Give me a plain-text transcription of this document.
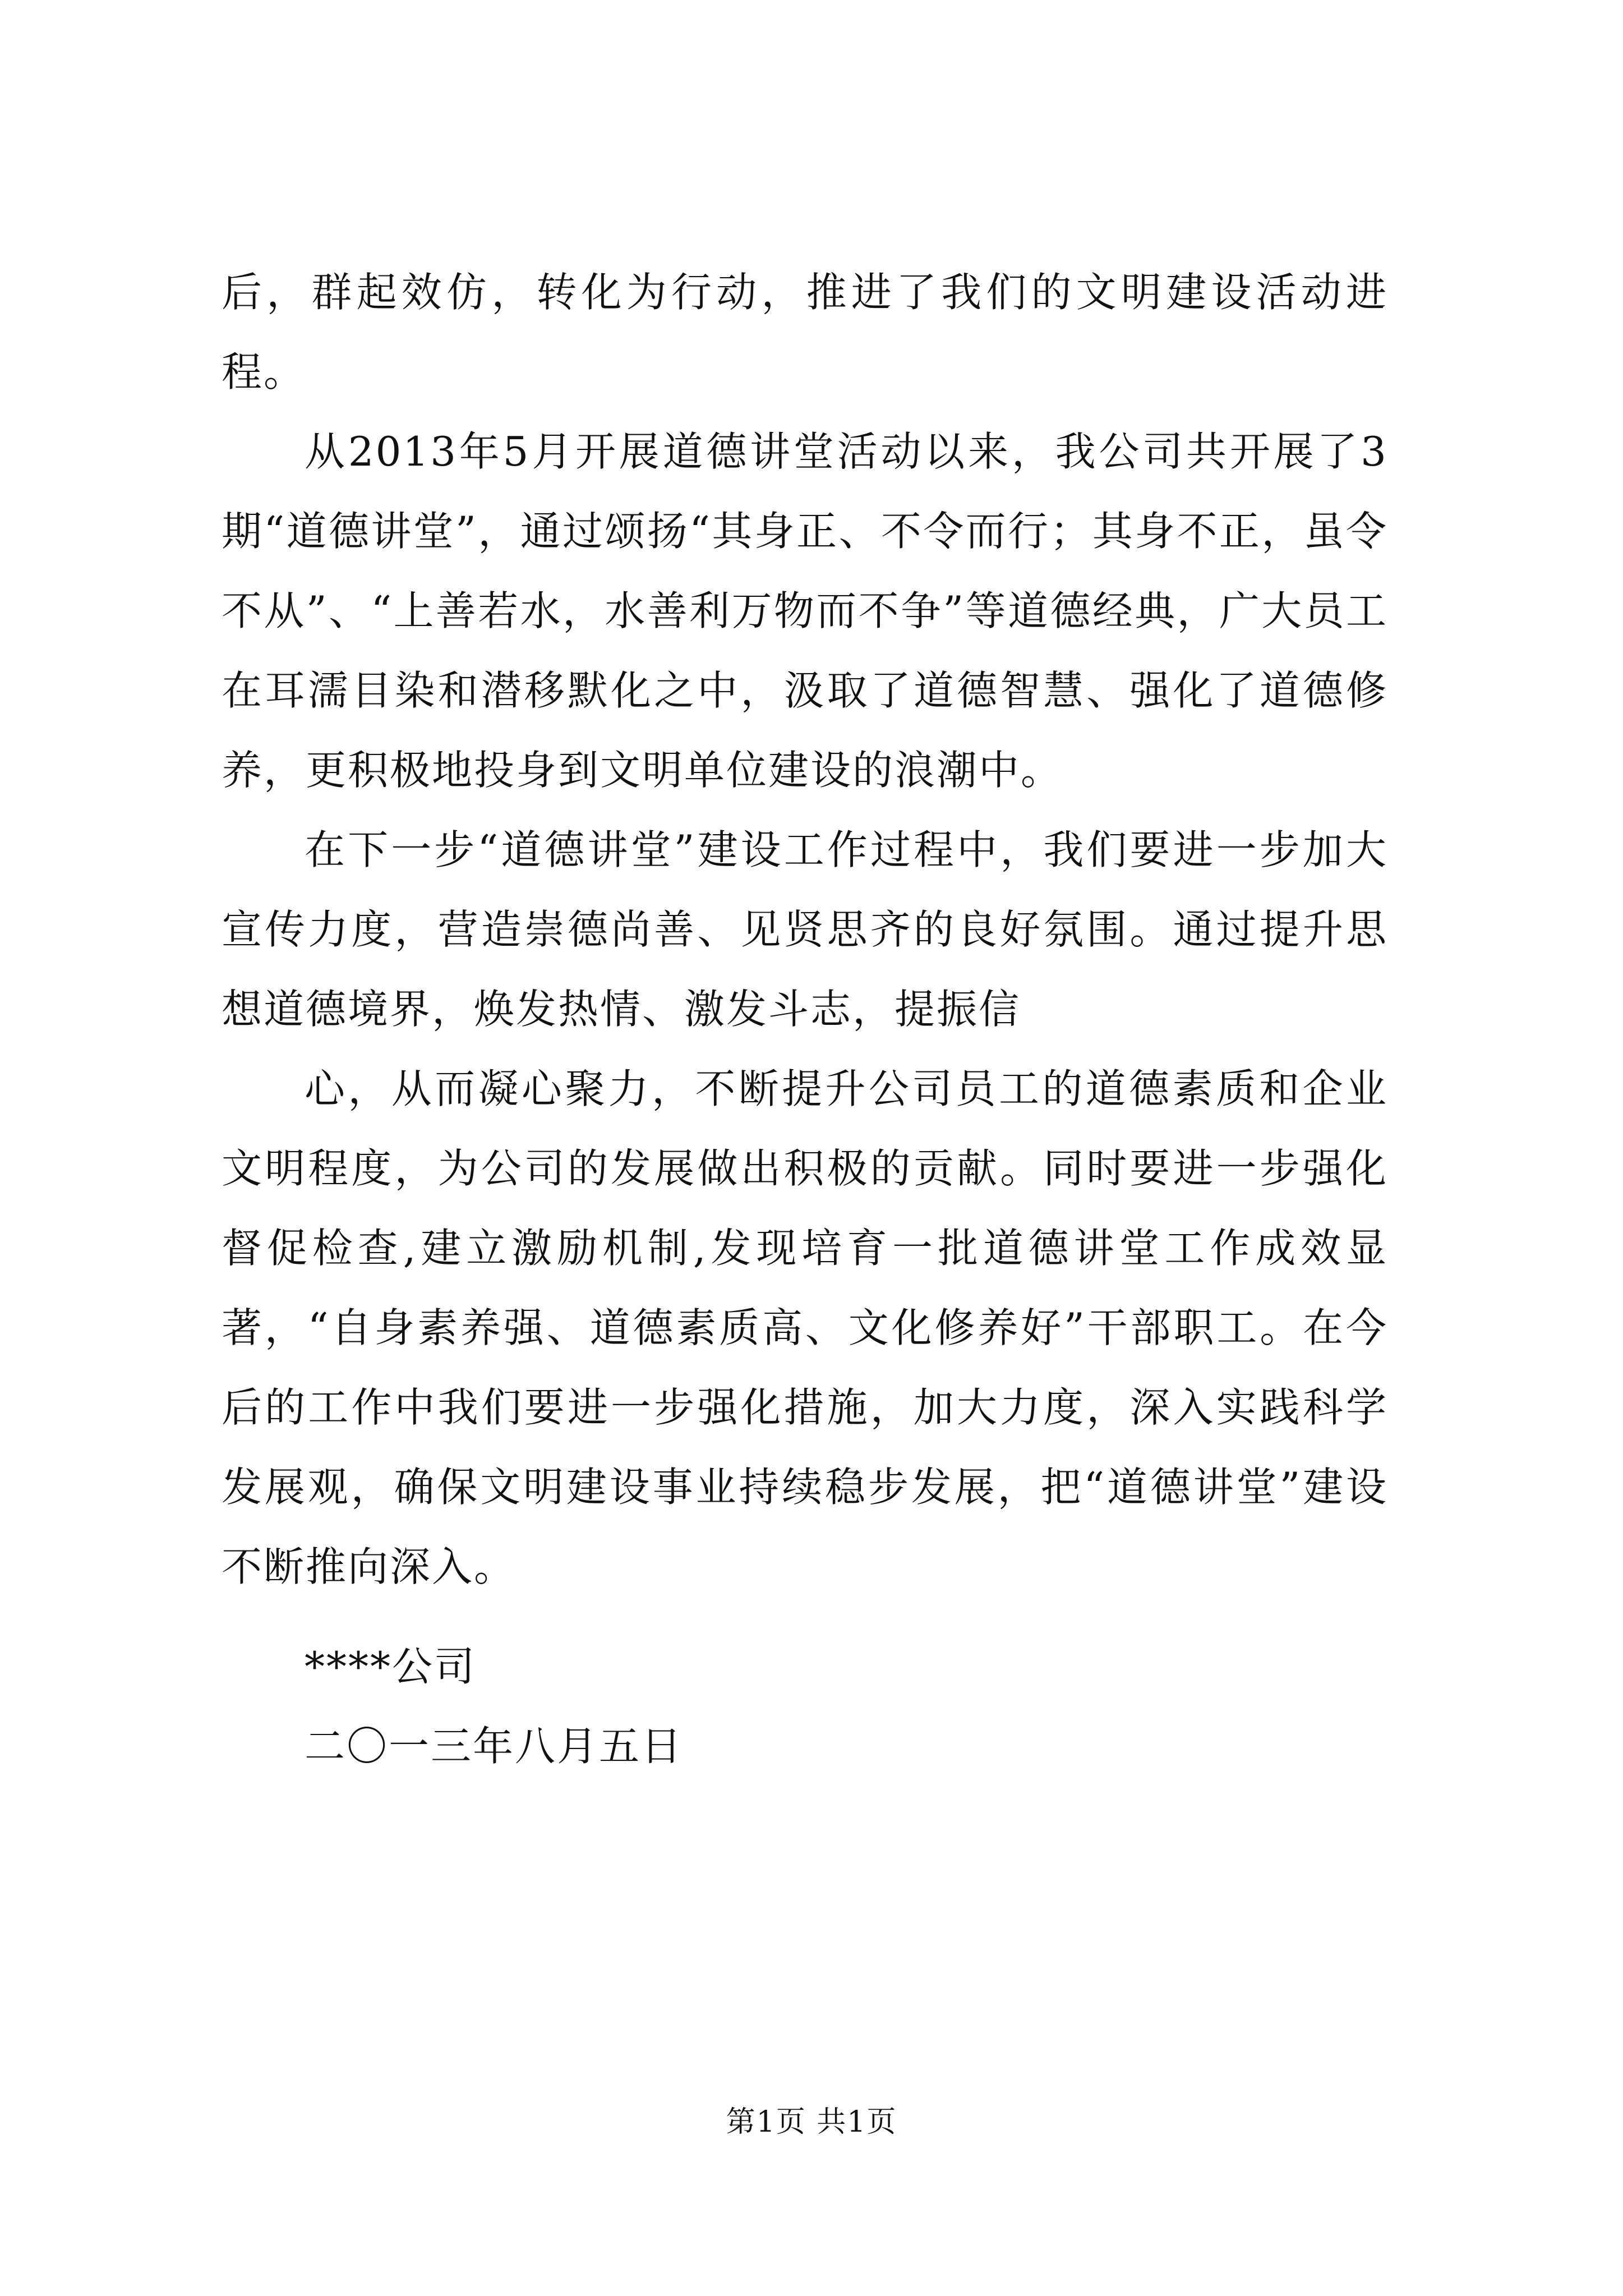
后，群起效仿，转化为行动，推进了我们的文明建设活动进程。

从2013年5月开展道德讲堂活动以来，我公司共开展了3期“道德讲堂”，通过颂扬“其身正、不令而行；其身不正，虽令不从”、“上善若水，水善利万物而不争”等道德经典，广大员工在耳濡目染和潜移默化之中，汲取了道德智慧、强化了道德修养，更积极地投身到文明单位建设的浪潮中。

在下一步“道德讲堂”建设工作过程中，我们要进一步加大宣传力度，营造崇德尚善、见贤思齐的良好氛围。通过提升思想道德境界，焕发热情、激发斗志，提振信

心，从而凝心聚力，不断提升公司员工的道德素质和企业文明程度，为公司的发展做出积极的贡献。同时要进一步强化督促检查,建立激励机制,发现培育一批道德讲堂工作成效显著，“自身素养强、道德素质高、文化修养好”干部职工。在今后的工作中我们要进一步强化措施，加大力度，深入实践科学发展观，确保文明建设事业持续稳步发展，把“道德讲堂”建设不断推向深入。

****公司

二〇一三年八月五日

第1页 共1页
